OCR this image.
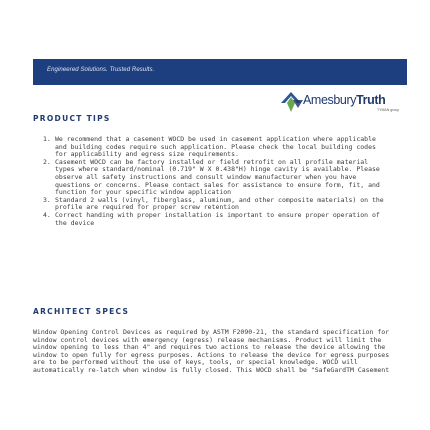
Engineered Solutions. Trusted Results.
AmesburyTruth
TYMAN group
PRODUCT TIPS
1. We recommend that a casement WOCD be used in casement application where applicable and building codes require such application. Please check the local building codes for applicability and egress size requirements.
2. Casement WOCD can be factory installed or field retrofit on all profile material types where standard/nominal (0.719" W X 0.438"H) hinge cavity is available. Please observe all safety instructions and consult window manufacturer when you have questions or concerns. Please contact sales for assistance to ensure form, fit, and function for your specific window application
3. Standard 2 walls (vinyl, fiberglass, aluminum, and other composite materials) on the profile are required for proper screw retention
4. Correct handing with proper installation is important to ensure proper operation of the device
ARCHITECT SPECS

Window Opening Control Devices as required by ASTM F2090-21, the standard specification for window control devices with emergency (egress) release mechanisms. Product will limit the window opening to less than 4" and requires two actions to release the device allowing the window to open fully for egress purposes. Actions to release the device for egress purposes are to be performed without the use of keys, tools, or special knowledge. WOCD will automatically re-latch when window is fully closed. This WOCD shall be "SafeGardTM Casement
